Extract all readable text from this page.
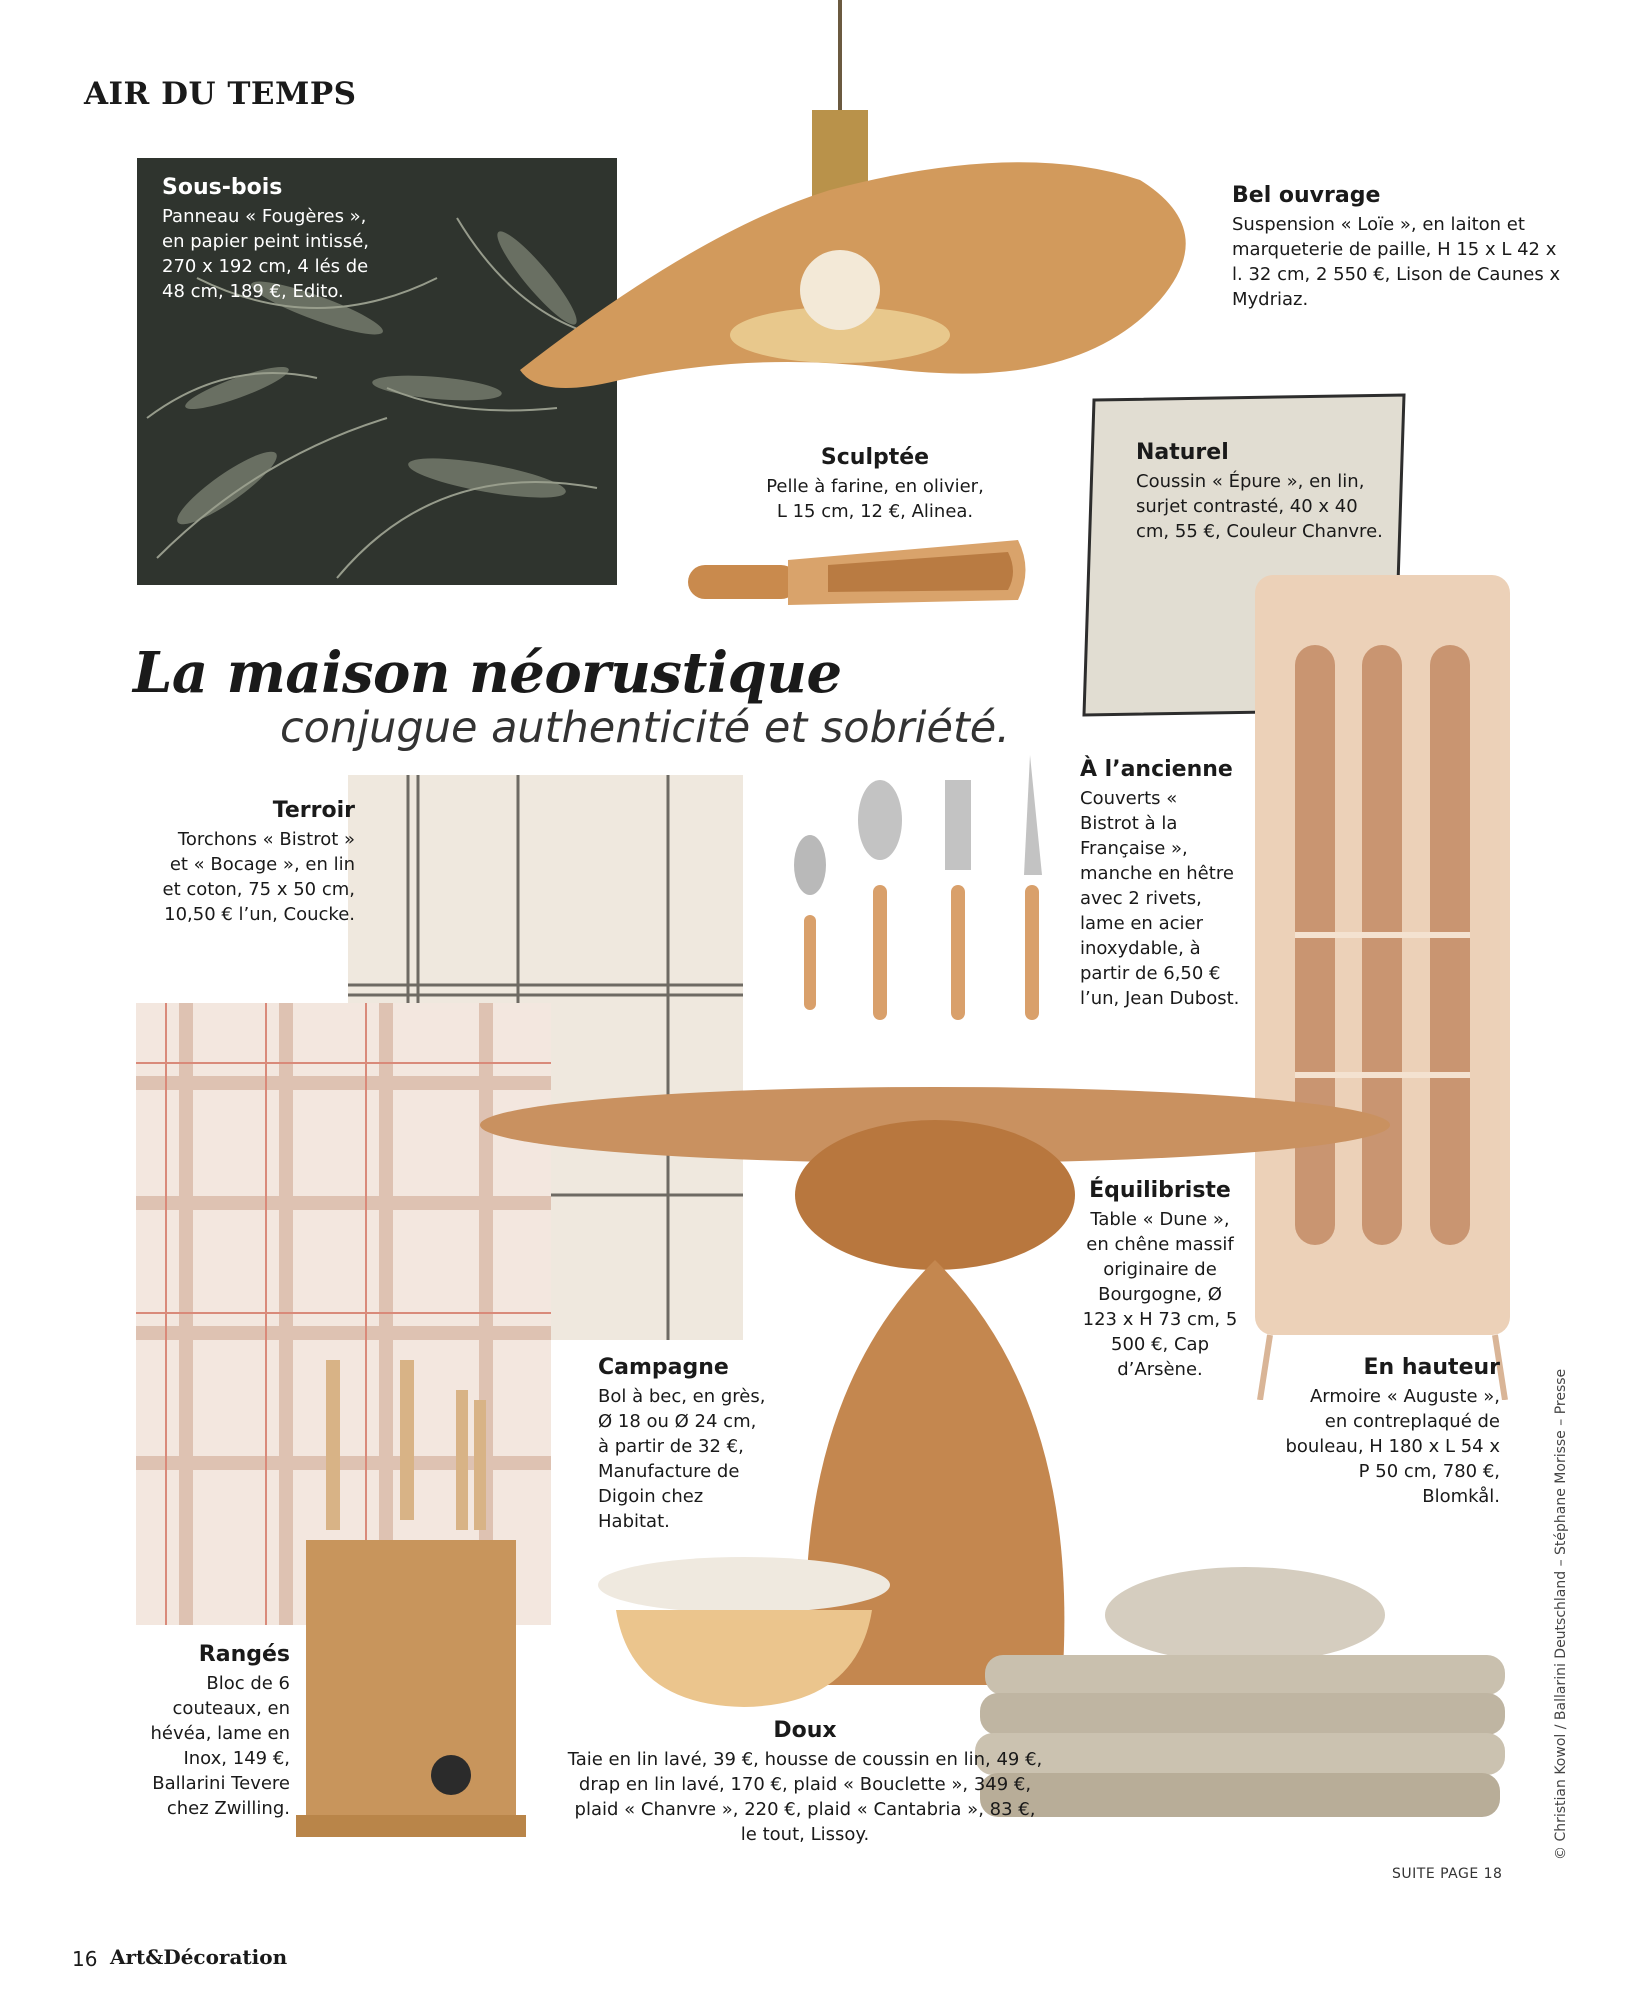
AIR DU TEMPS
Sous-bois

Panneau « Fougères », en papier peint intissé, 270 x 192 cm, 4 lés de 48 cm, 189 €, Edito.

Bel ouvrage

Suspension « Loïe », en laiton et marqueterie de paille, H 15 x L 42 x l. 32 cm, 2 550 €, Lison de Caunes x Mydriaz.

Sculptée

Pelle à farine, en olivier, L 15 cm, 12 €, Alinea.

Naturel

Coussin « Épure », en lin, surjet contrasté, 40 x 40 cm, 55 €, Couleur Chanvre.

La maison néorustique
conjugue authenticité et sobriété.
Terroir

Torchons « Bistrot » et « Bocage », en lin et coton, 75 x 50 cm, 10,50 € l’un, Coucke.

À l’ancienne

Couverts « Bistrot à la Française », manche en hêtre avec 2 rivets, lame en acier inoxydable, à partir de 6,50 € l’un, Jean Dubost.

Équilibriste

Table « Dune », en chêne massif originaire de Bourgogne, Ø 123 x H 73 cm, 5 500 €, Cap d’Arsène.

Campagne

Bol à bec, en grès, Ø 18 ou Ø 24 cm, à partir de 32 €, Manufacture de Digoin chez Habitat.

En hauteur

Armoire « Auguste », en contreplaqué de bouleau, H 180 x L 54 x P 50 cm, 780 €, Blomkål.

Rangés

Bloc de 6 couteaux, en hévéa, lame en Inox, 149 €, Ballarini Tevere chez Zwilling.

Doux

Taie en lin lavé, 39 €, housse de coussin en lin, 49 €, drap en lin lavé, 170 €, plaid « Bouclette », 349 €, plaid « Chanvre », 220 €, plaid « Cantabria », 83 €, le tout, Lissoy.

SUITE PAGE 18
© Christian Kowol / Ballarini Deutschland – Stéphane Morisse – Presse
16 Art&Décoration
